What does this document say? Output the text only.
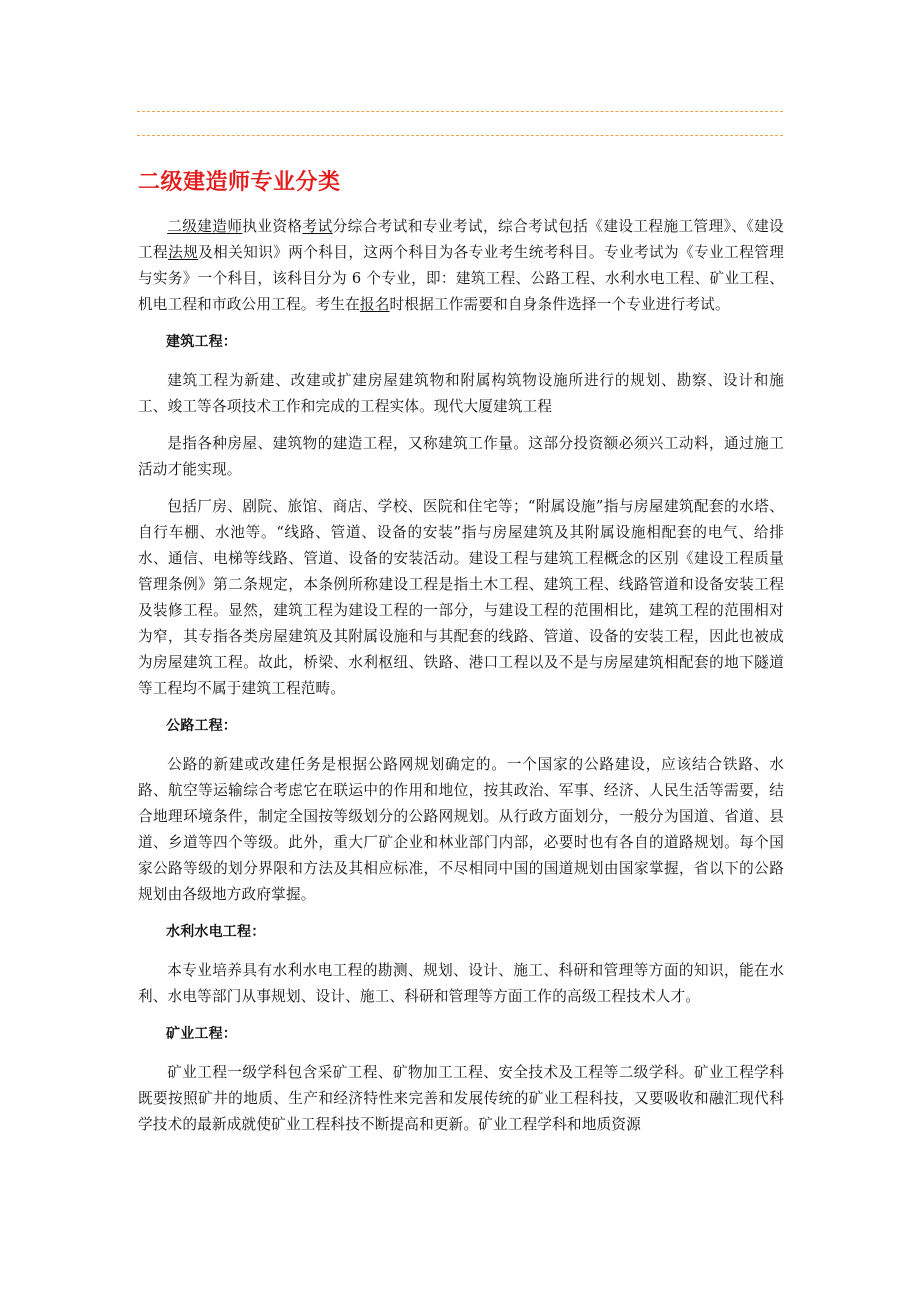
二级建造师专业分类

二级建造师执业资格考试分综合考试和专业考试，综合考试包括《建设工程施工管理》、《建设工程法规及相关知识》两个科目，这两个科目为各专业考生统考科目。专业考试为《专业工程管理与实务》一个科目，该科目分为 6 个专业，即：建筑工程、公路工程、水利水电工程、矿业工程、机电工程和市政公用工程。考生在报名时根据工作需要和自身条件选择一个专业进行考试。

建筑工程：

建筑工程为新建、改建或扩建房屋建筑物和附属构筑物设施所进行的规划、勘察、设计和施工、竣工等各项技术工作和完成的工程实体。现代大厦建筑工程

是指各种房屋、建筑物的建造工程，又称建筑工作量。这部分投资额必须兴工动料，通过施工活动才能实现。

包括厂房、剧院、旅馆、商店、学校、医院和住宅等；“附属设施”指与房屋建筑配套的水塔、自行车棚、水池等。“线路、管道、设备的安装”指与房屋建筑及其附属设施相配套的电气、给排水、通信、电梯等线路、管道、设备的安装活动。建设工程与建筑工程概念的区别《建设工程质量管理条例》第二条规定，本条例所称建设工程是指土木工程、建筑工程、线路管道和设备安装工程及装修工程。显然，建筑工程为建设工程的一部分，与建设工程的范围相比，建筑工程的范围相对为窄，其专指各类房屋建筑及其附属设施和与其配套的线路、管道、设备的安装工程，因此也被成为房屋建筑工程。故此，桥梁、水利枢纽、铁路、港口工程以及不是与房屋建筑相配套的地下隧道等工程均不属于建筑工程范畴。

公路工程：

公路的新建或改建任务是根据公路网规划确定的。一个国家的公路建设，应该结合铁路、水路、航空等运输综合考虑它在联运中的作用和地位，按其政治、军事、经济、人民生活等需要，结合地理环境条件，制定全国按等级划分的公路网规划。从行政方面划分，一般分为国道、省道、县道、乡道等四个等级。此外，重大厂矿企业和林业部门内部，必要时也有各自的道路规划。每个国家公路等级的划分界限和方法及其相应标准，不尽相同中国的国道规划由国家掌握，省以下的公路规划由各级地方政府掌握。

水利水电工程：

本专业培养具有水利水电工程的勘测、规划、设计、施工、科研和管理等方面的知识，能在水利、水电等部门从事规划、设计、施工、科研和管理等方面工作的高级工程技术人才。

矿业工程：

矿业工程一级学科包含采矿工程、矿物加工工程、安全技术及工程等二级学科。矿业工程学科既要按照矿井的地质、生产和经济特性来完善和发展传统的矿业工程科技，又要吸收和融汇现代科学技术的最新成就使矿业工程科技不断提高和更新。矿业工程学科和地质资源
